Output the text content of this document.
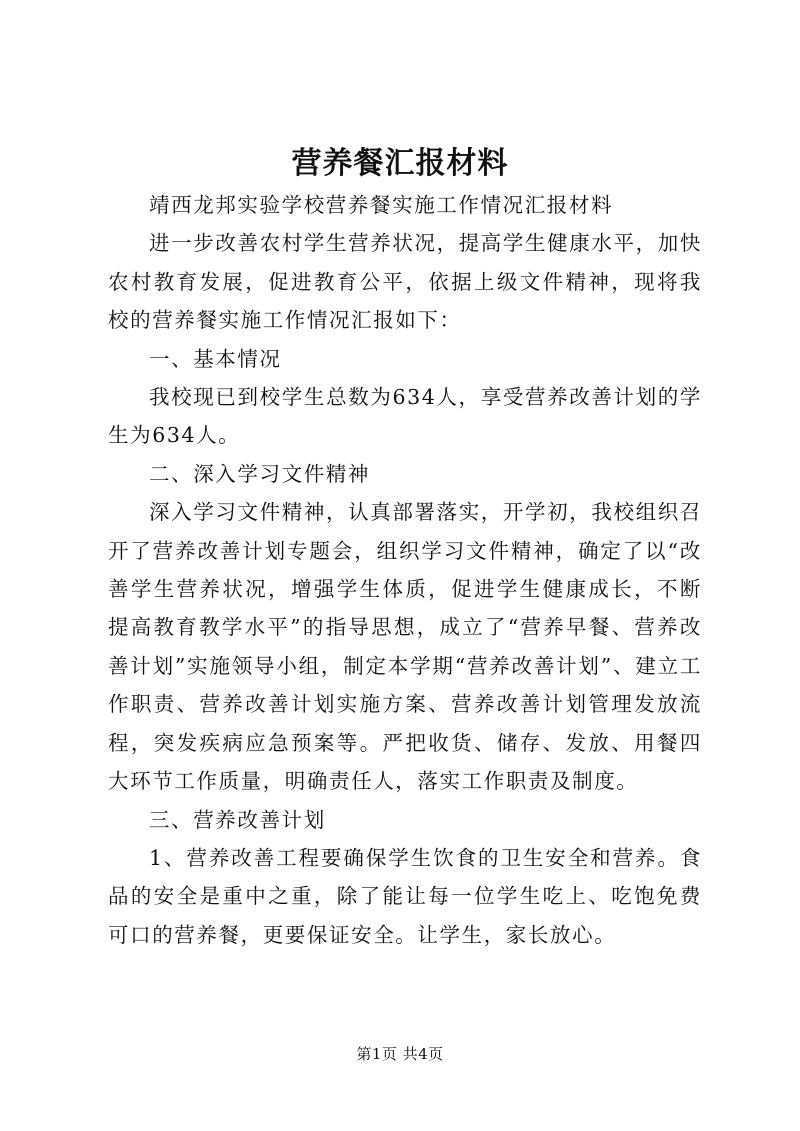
营养餐汇报材料

靖西龙邦实验学校营养餐实施工作情况汇报材料

进一步改善农村学生营养状况，提高学生健康水平，加快农村教育发展，促进教育公平，依据上级文件精神，现将我校的营养餐实施工作情况汇报如下：

一、基本情况

我校现已到校学生总数为634人，享受营养改善计划的学生为634人。

二、深入学习文件精神

深入学习文件精神，认真部署落实，开学初，我校组织召开了营养改善计划专题会，组织学习文件精神，确定了以“改善学生营养状况，增强学生体质，促进学生健康成长，不断提高教育教学水平”的指导思想，成立了“营养早餐、营养改善计划”实施领导小组，制定本学期“营养改善计划”、建立工作职责、营养改善计划实施方案、营养改善计划管理发放流程，突发疾病应急预案等。严把收货、储存、发放、用餐四大环节工作质量，明确责任人，落实工作职责及制度。

三、营养改善计划

1、营养改善工程要确保学生饮食的卫生安全和营养。食品的安全是重中之重，除了能让每一位学生吃上、吃饱免费可口的营养餐，更要保证安全。让学生，家长放心。

第1页 共4页
